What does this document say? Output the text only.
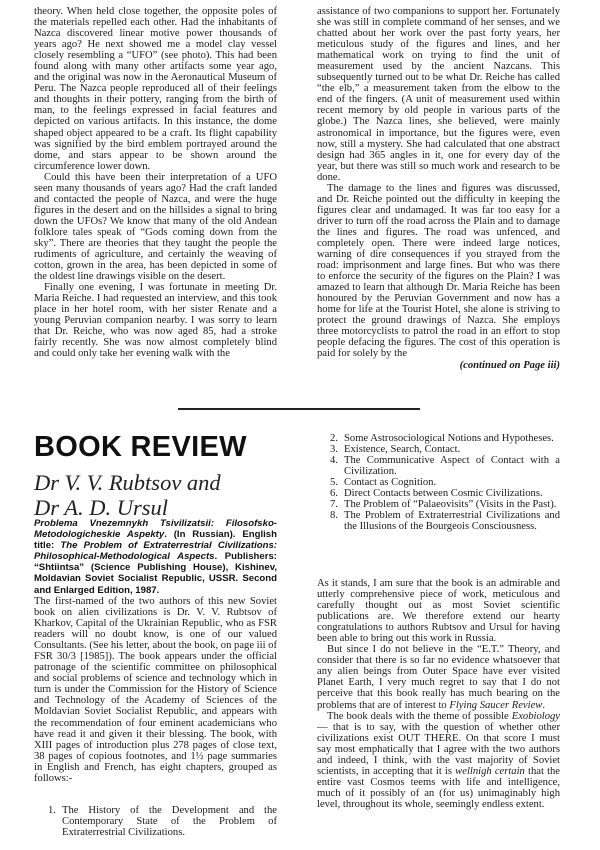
theory. When held close together, the opposite poles of the materials repelled each other. Had the inhabitants of Nazca discovered linear motive power thousands of years ago? He next showed me a model clay vessel closely resembling a “UFO” (see photo). This had been found along with many other artifacts some year ago, and the original was now in the Aeronautical Museum of Peru. The Nazca people reproduced all of their feelings and thoughts in their pottery, ranging from the birth of man, to the feelings expressed in facial features and depicted on various artifacts. In this instance, the dome shaped object appeared to be a craft. Its flight capability was signified by the bird emblem portrayed around the dome, and stars appear to be shown around the circumference lower down.

Could this have been their interpretation of a UFO seen many thousands of years ago? Had the craft landed and contacted the people of Nazca, and were the huge figures in the desert and on the hillsides a signal to bring down the UFOs? We know that many of the old Andean folklore tales speak of “Gods coming down from the sky”. There are theories that they taught the people the rudiments of agriculture, and certainly the weaving of cotton, grown in the area, has been depicted in some of the oldest line drawings visible on the desert.

Finally one evening, I was fortunate in meeting Dr. Maria Reiche. I had requested an interview, and this took place in her hotel room, with her sister Renate and a young Peruvian companion nearby. I was sorry to learn that Dr. Reiche, who was now aged 85, had a stroke fairly recently. She was now almost completely blind and could only take her evening walk with the

assistance of two companions to support her. Fortunately she was still in complete command of her senses, and we chatted about her work over the past forty years, her meticulous study of the figures and lines, and her mathematical work on trying to find the unit of measurement used by the ancient Nazcans. This subsequently turned out to be what Dr. Reiche has called “the elb,” a measurement taken from the elbow to the end of the fingers. (A unit of measurement used within recent memory by old people in various parts of the globe.) The Nazca lines, she believed, were mainly astronomical in importance, but the figures were, even now, still a mystery. She had calculated that one abstract design had 365 angles in it, one for every day of the year, but there was still so much work and research to be done.

The damage to the lines and figures was discussed, and Dr. Reiche pointed out the difficulty in keeping the figures clear and undamaged. It was far too easy for a driver to turn off the road across the Plain and to damage the lines and figures. The road was unfenced, and completely open. There were indeed large notices, warning of dire consequences if you strayed from the road: imprisonment and large fines. But who was there to enforce the security of the figures on the Plain? I was amazed to learn that although Dr. Maria Reiche has been honoured by the Peruvian Government and now has a home for life at the Tourist Hotel, she alone is striving to protect the ground drawings of Nazca. She employs three motorcyclists to patrol the road in an effort to stop people defacing the figures. The cost of this operation is paid for solely by the

(continued on Page iii)

BOOK REVIEW
Dr V. V. Rubtsov and
Dr A. D. Ursul
Problema Vnezemnykh Tsivilizatsii: Filosofsko-Metodologicheskie Aspekty. (In Russian). English title: The Problem of Extraterrestrial Civilizations: Philosophical-Methodological Aspects. Publishers: “Shtiintsa” (Science Publishing House), Kishinev, Moldavian Soviet Socialist Republic, USSR. Second and Enlarged Edition, 1987.

The first-named of the two authors of this new Soviet book on alien civilizations is Dr. V. V. Rubtsov of Kharkov, Capital of the Ukrainian Republic, who as FSR readers will no doubt know, is one of our valued Consultants. (See his letter, about the book, on page iii of FSR 30/3 [1985]). The book appears under the official patronage of the scientific committee on philosophical and social problems of science and technology which in turn is under the Commission for the History of Science and Technology of the Academy of Sciences of the Moldavian Soviet Socialist Republic, and appears with the recommendation of four eminent academicians who have read it and given it their blessing. The book, with XIII pages of introduction plus 278 pages of close text, 38 pages of copious footnotes, and 1½ page summaries in English and French, has eight chapters, grouped as follows:-

1. The History of the Development and the Contemporary State of the Problem of Extraterrestrial Civilizations.
2. Some Astrosociological Notions and Hypotheses.
3. Existence, Search, Contact.
4. The Communicative Aspect of Contact with a Civilization.
5. Contact as Cognition.
6. Direct Contacts between Cosmic Civilizations.
7. The Problem of “Palaeovisits” (Visits in the Past).
8. The Problem of Extraterrestrial Civilizations and the Illusions of the Bourgeois Consciousness.

As it stands, I am sure that the book is an admirable and utterly comprehensive piece of work, meticulous and carefully thought out as most Soviet scientific publications are. We therefore extend our hearty congratulations to authors Rubtsov and Ursul for having been able to bring out this work in Russia.

But since I do not believe in the “E.T.” Theory, and consider that there is so far no evidence whatsoever that any alien beings from Outer Space have ever visited Planet Earth, I very much regret to say that I do not perceive that this book really has much bearing on the problems that are of interest to Flying Saucer Review.

The book deals with the theme of possible Exobiology — that is to say, with the question of whether other civilizations exist OUT THERE. On that score I must say most emphatically that I agree with the two authors and indeed, I think, with the vast majority of Soviet scientists, in accepting that it is wellnigh certain that the entire vast Cosmos teems with life and intelligence, much of it possibly of an (for us) unimaginably high level, throughout its whole, seemingly endless extent.
